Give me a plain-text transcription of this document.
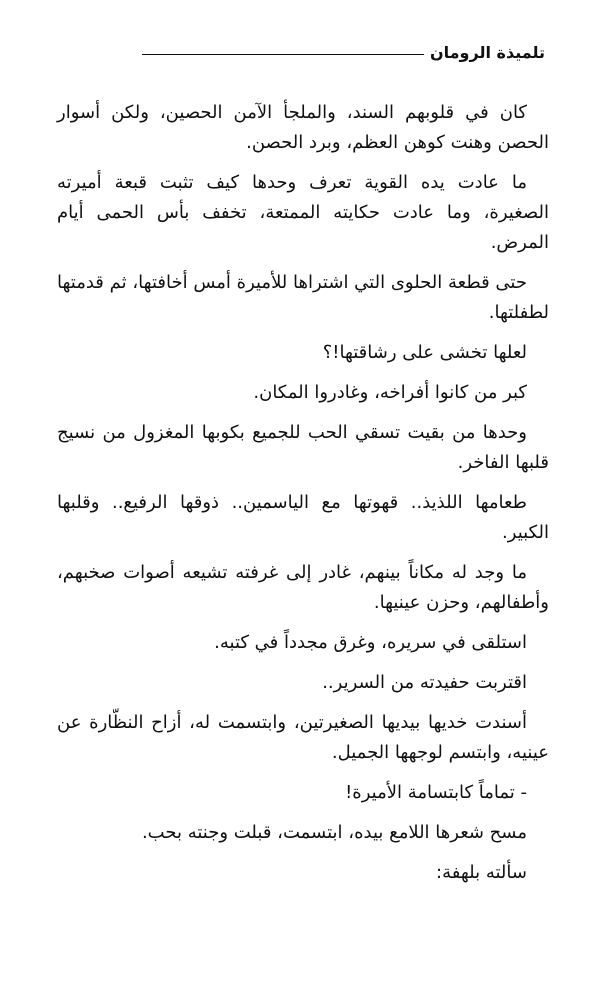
تلميذة الرومان

كان في قلوبهم السند، والملجأ الآمن الحصين، ولكن أسوار الحصن وهنت كوهن العظم، وبرد الحصن.

ما عادت يده القوية تعرف وحدها كيف تثبت قبعة أميرته الصغيرة، وما عادت حكايته الممتعة، تخفف بأس الحمى أيام المرض.

حتى قطعة الحلوى التي اشتراها للأميرة أمس أخافتها، ثم قدمتها لطفلتها.

لعلها تخشى على رشاقتها!؟

كبر من كانوا أفراخه، وغادروا المكان.

وحدها من بقيت تسقي الحب للجميع بكوبها المغزول من نسيج قلبها الفاخر.

طعامها اللذيذ.. قهوتها مع الياسمين.. ذوقها الرفيع.. وقلبها الكبير.

ما وجد له مكاناً بينهم، غادر إلى غرفته تشيعه أصوات صخبهم، وأطفالهم، وحزن عينيها.

استلقى في سريره، وغرق مجدداً في كتبه.

اقتربت حفيدته من السرير..

أسندت خديها بيديها الصغيرتين، وابتسمت له، أزاح النظّارة عن عينيه، وابتسم لوجهها الجميل.

- تماماً كابتسامة الأميرة!

مسح شعرها اللامع بيده، ابتسمت، قبلت وجنته بحب.

سألته بلهفة:
